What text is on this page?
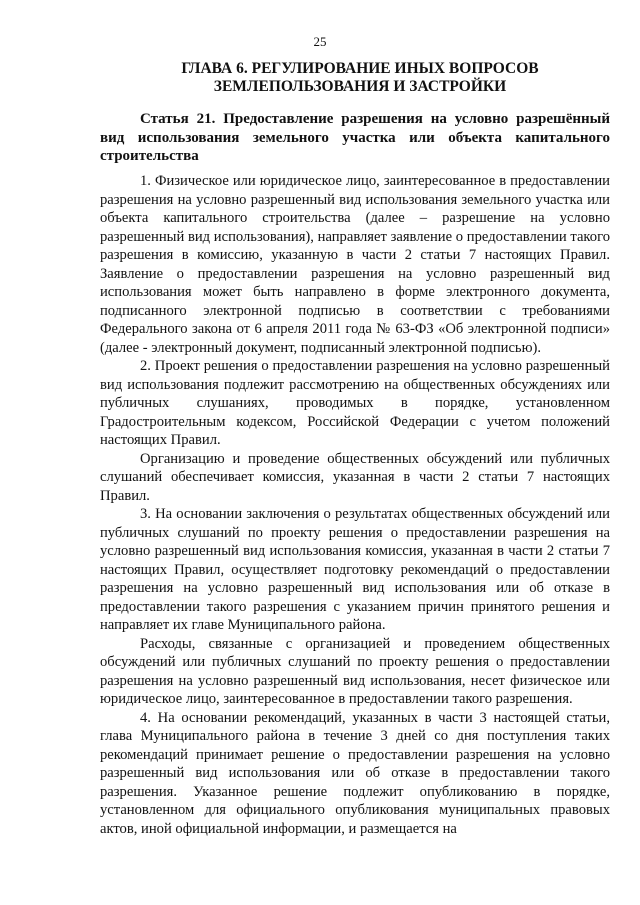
25
ГЛАВА 6. РЕГУЛИРОВАНИЕ ИНЫХ ВОПРОСОВ
ЗЕМЛЕПОЛЬЗОВАНИЯ И ЗАСТРОЙКИ
Статья 21. Предоставление разрешения на условно разрешённый вид использования земельного участка или объекта капитального строительства

1. Физическое или юридическое лицо, заинтересованное в предоставлении разрешения на условно разрешенный вид использования земельного участка или объекта капитального строительства (далее – разрешение на условно разрешенный вид использования), направляет заявление о предоставлении такого разрешения в комиссию, указанную в части 2 статьи 7 настоящих Правил. Заявление о предоставлении разрешения на условно разрешенный вид использования может быть направлено в форме электронного документа, подписанного электронной подписью в соответствии с требованиями Федерального закона от 6 апреля 2011 года № 63-ФЗ «Об электронной подписи» (далее - электронный документ, подписанный электронной подписью).

2. Проект решения о предоставлении разрешения на условно разрешенный вид использования подлежит рассмотрению на общественных обсуждениях или публичных слушаниях, проводимых в порядке, установленном Градостроительным кодексом, Российской Федерации с учетом положений настоящих Правил.

Организацию и проведение общественных обсуждений или публичных слушаний обеспечивает комиссия, указанная в части 2 статьи 7 настоящих Правил.

3. На основании заключения о результатах общественных обсуждений или публичных слушаний по проекту решения о предоставлении разрешения на условно разрешенный вид использования комиссия, указанная в части 2 статьи 7 настоящих Правил, осуществляет подготовку рекомендаций о предоставлении разрешения на условно разрешенный вид использования или об отказе в предоставлении такого разрешения с указанием причин принятого решения и направляет их главе Муниципального района.

Расходы, связанные с организацией и проведением общественных обсуждений или публичных слушаний по проекту решения о предоставлении разрешения на условно разрешенный вид использования, несет физическое или юридическое лицо, заинтересованное в предоставлении такого разрешения.

4. На основании рекомендаций, указанных в части 3 настоящей статьи, глава Муниципального района в течение 3 дней со дня поступления таких рекомендаций принимает решение о предоставлении разрешения на условно разрешенный вид использования или об отказе в предоставлении такого разрешения. Указанное решение подлежит опубликованию в порядке, установленном для официального опубликования муниципальных правовых актов, иной официальной информации, и размещается на
